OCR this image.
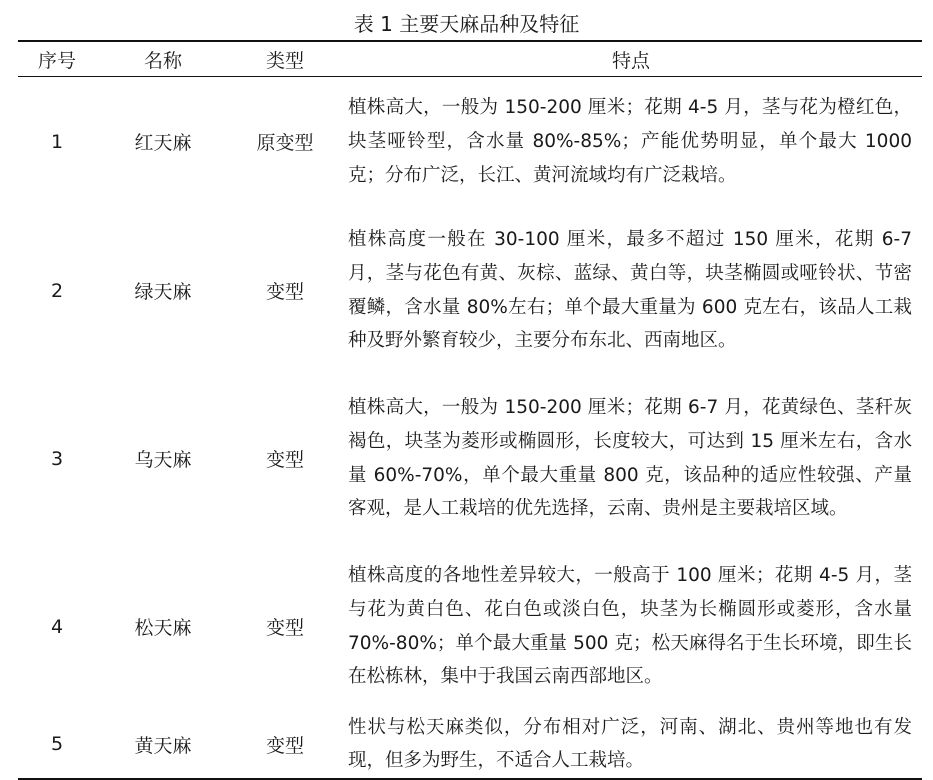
表 1 主要天麻品种及特征
序号	名称	类型	特点
1	红天麻	原变型	植株高大，一般为 150-200 厘米；花期 4-5 月，茎与花为橙红色，块茎哑铃型，含水量 80%-85%；产能优势明显，单个最大 1000 克；分布广泛，长江、黄河流域均有广泛栽培。
2	绿天麻	变型	植株高度一般在 30-100 厘米，最多不超过 150 厘米，花期 6-7 月，茎与花色有黄、灰棕、蓝绿、黄白等，块茎椭圆或哑铃状、节密覆鳞，含水量 80%左右；单个最大重量为 600 克左右，该品人工栽种及野外繁育较少，主要分布东北、西南地区。
3	乌天麻	变型	植株高大，一般为 150-200 厘米；花期 6-7 月，花黄绿色、茎秆灰褐色，块茎为菱形或椭圆形，长度较大，可达到 15 厘米左右，含水量 60%-70%，单个最大重量 800 克，该品种的适应性较强、产量客观，是人工栽培的优先选择，云南、贵州是主要栽培区域。
4	松天麻	变型	植株高度的各地性差异较大，一般高于 100 厘米；花期 4-5 月，茎与花为黄白色、花白色或淡白色，块茎为长椭圆形或菱形，含水量 70%-80%；单个最大重量 500 克；松天麻得名于生长环境，即生长在松栋林，集中于我国云南西部地区。
5	黄天麻	变型	性状与松天麻类似，分布相对广泛，河南、湖北、贵州等地也有发现，但多为野生，不适合人工栽培。
